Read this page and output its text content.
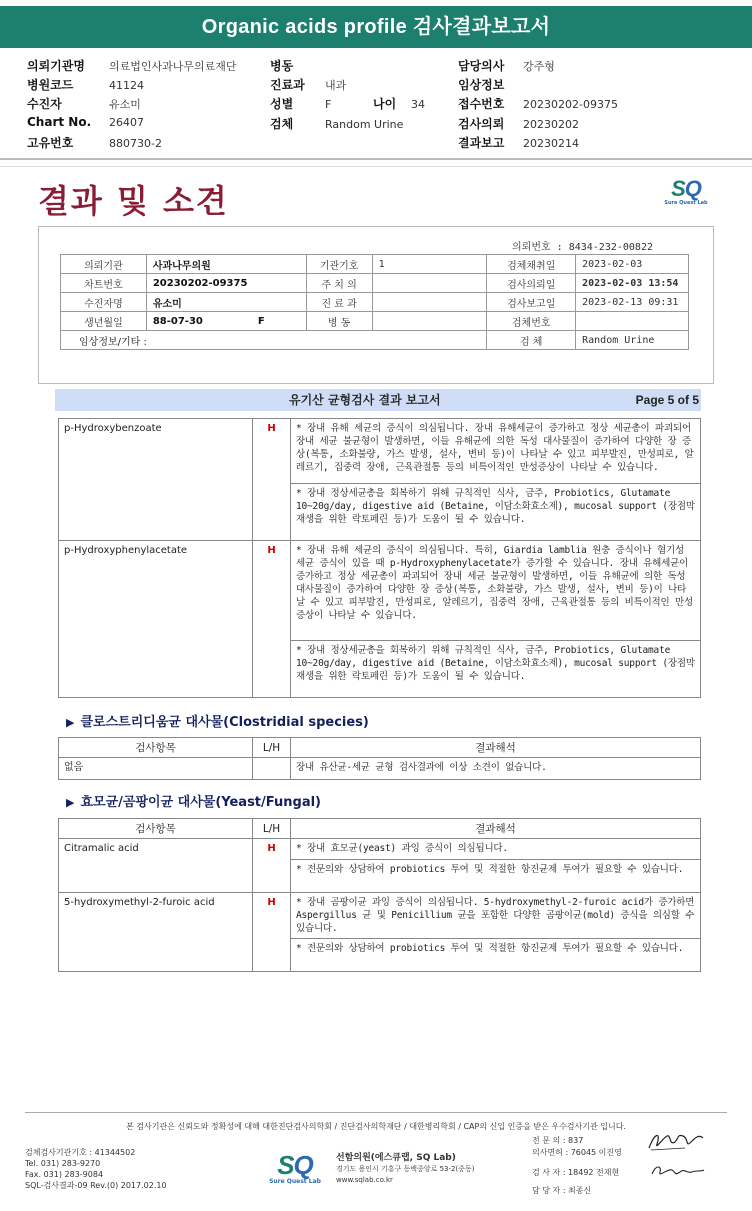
Organic acids profile 검사결과보고서
의뢰기관명 의료법인사과나무의료재단
병원코드	41124
수진자	유소미
Chart No. 26407
고유번호	880730-2
병동
진료과 내과
성별	F	나이 34
검체	Random Urine
담당의사 강주형
임상정보
접수번호 20230202-09375
검사의뢰 20230202
결과보고 20230214
결과 및 소견	SQ
Sure Quest Lab
의뢰번호 : 8434-232-00822
의뢰기관	사과나무의원	기관기호	1	검체채취일	2023-02-03
차트번호	20230202-09375	주 치 의		검사의뢰일	2023-02-03 13:54
수진자명	유소미	진 료 과		검사보고일	2023-02-13 09:31
생년월일	88-07-30 F	병 동		검체번호	
임상정보/기타 :				검 체	Random Urine
유기산 균형검사 결과 보고서	Page 5 of 5
p-Hydroxybenzoate	H	* 장내 유해 세균의 증식이 의심됩니다. 장내 유해세균이 증가하고 정상 세균총이 파괴되어 장내 세균 불균형이 발생하면, 이들 유해균에 의한 독성 대사물질이 증가하여 다양한 장 증상(복통, 소화불량, 가스 발생, 설사, 변비 등)이 나타날 수 있고 피부발진, 만성피로, 알레르기, 집중력 장애, 근육관절통 등의 비특이적인 만성증상이 나타날 수 있습니다.
		* 장내 정상세균총을 회복하기 위해 규칙적인 식사, 금주, Probiotics, Glutamate 10~20g/day, digestive aid (Betaine, 이담소화효소제), mucosal support (장점막재생을 위한 락토페린 등)가 도움이 될 수 있습니다.
p-Hydroxyphenylacetate	H	* 장내 유해 세균의 증식이 의심됩니다. 특히, Giardia lamblia 원충 증식이나 혐기성 세균 증식이 있을 때 p-Hydroxyphenylacetate가 증가할 수 있습니다. 장내 유해세균이 증가하고 정상 세균총이 파괴되어 장내 세균 불균형이 발생하면, 이들 유해균에 의한 독성 대사물질이 증가하여 다양한 장 증상(복통, 소화불량, 가스 발생, 설사, 변비 등)이 나타날 수 있고 피부발진, 만성피로, 알레르기, 집중력 장애, 근육관절통 등의 비특이적인 만성증상이 나타날 수 있습니다.
		* 장내 정상세균총을 회복하기 위해 규칙적인 식사, 금주, Probiotics, Glutamate 10~20g/day, digestive aid (Betaine, 이담소화효소제), mucosal support (장점막재생을 위한 락토페린 등)가 도움이 될 수 있습니다.
▶ 클로스트리디움균 대사물(Clostridial species)
검사항목	L/H	결과해석
없음		장내 유산균-세균 균형 검사결과에 이상 소견이 없습니다.
▶ 효모균/곰팡이균 대사물(Yeast/Fungal)
검사항목	L/H	결과해석
Citramalic acid	H	* 장내 효모균(yeast) 과잉 증식이 의심됩니다.
		* 전문의와 상담하여 probiotics 투여 및 적절한 항진균제 투여가 필요할 수 있습니다.
5-hydroxymethyl-2-furoic acid	H	* 장내 곰팡이균 과잉 증식이 의심됩니다. 5-hydroxymethyl-2-furoic acid가 증가하면 Aspergillus 균 및 Penicillium 균을 포함한 다양한 곰팡이균(mold) 증식을 의심할 수 있습니다.
		* 전문의와 상담하여 probiotics 투여 및 적절한 항진균제 투여가 필요할 수 있습니다.
본 검사기관은 신뢰도와 정확성에 대해 대한진단검사의학회 / 진단검사의학재단 / 대한병리학회 / CAP의 신입 인증을 받은 우수검사기관 입니다.
검체검사기관기호 : 41344502
Tel. 031) 283-9270
Fax. 031) 283-9084
SQL-검사결과-09 Rev.(0) 2017.02.10
SQ
Sure Quest Lab
선함의원(에스큐랩, SQ Lab)
경기도 용인시 기흥구 동백중앙로 53-2(중동)
www.sqlab.co.kr
전 문 의 : 837
의사면허 : 76045 이진영
검 사 자 : 18492 전재현
담 당 자 : 최종신
